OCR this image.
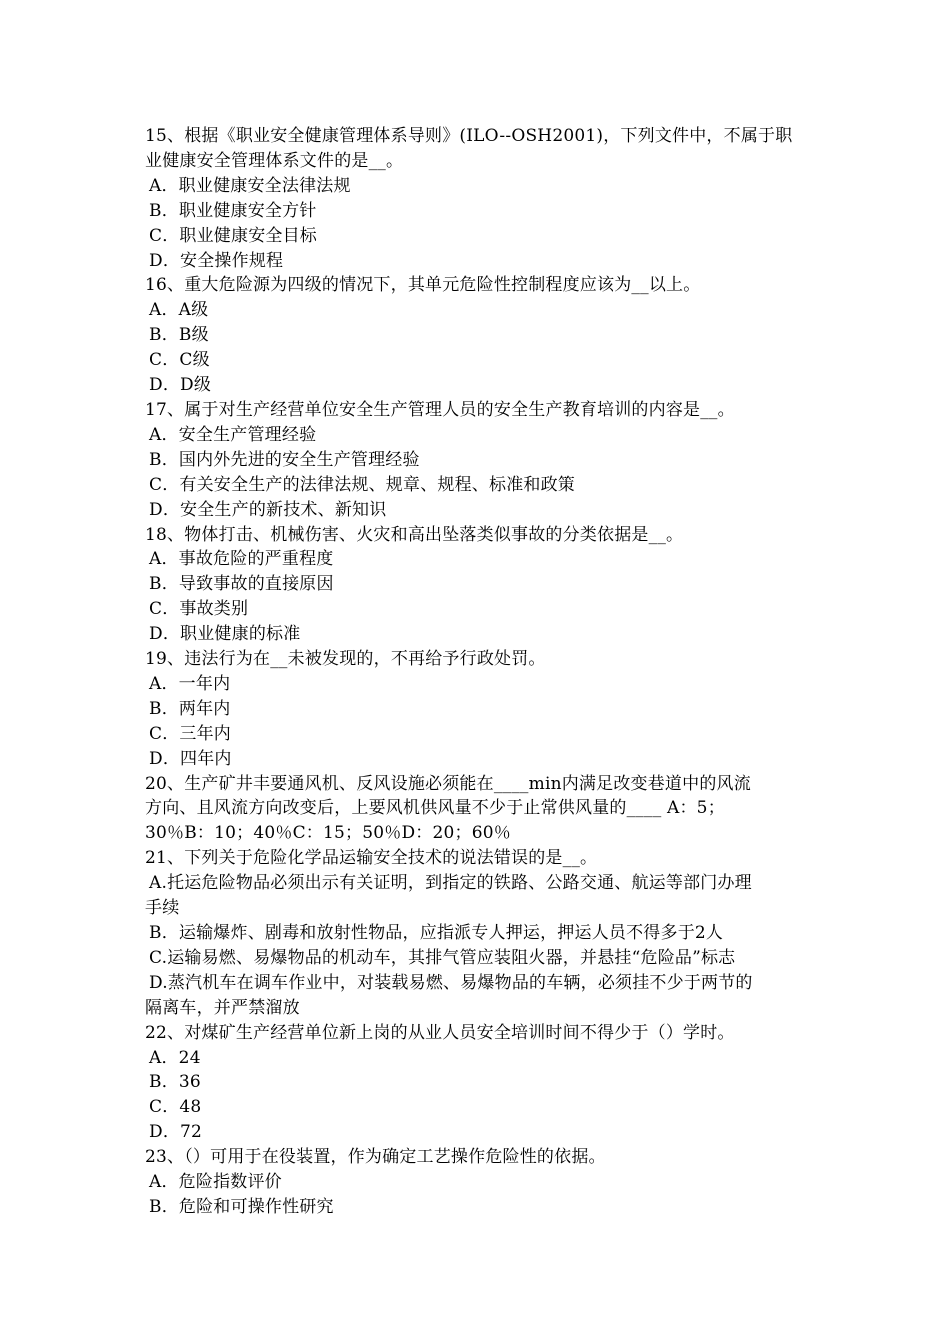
15、根据《职业安全健康管理体系导则》(ILO--OSH2001)，下列文件中，不属于职
业健康安全管理体系文件的是__。
A．职业健康安全法律法规
B．职业健康安全方针
C．职业健康安全目标
D．安全操作规程
16、重大危险源为四级的情况下，其单元危险性控制程度应该为__以上。
A．A级
B．B级
C．C级
D．D级
17、属于对生产经营单位安全生产管理人员的安全生产教育培训的内容是__。
A．安全生产管理经验
B．国内外先进的安全生产管理经验
C．有关安全生产的法律法规、规章、规程、标准和政策
D．安全生产的新技术、新知识
18、物体打击、机械伤害、火灾和高出坠落类似事故的分类依据是__。
A．事故危险的严重程度
B．导致事故的直接原因
C．事故类别
D．职业健康的标准
19、违法行为在__未被发现的，不再给予行政处罚。
A．一年内
B．两年内
C．三年内
D．四年内
20、生产矿井丰要通风机、反风设施必须能在____min内满足改变巷道中的风流
方向、且风流方向改变后，上要风机供风量不少于止常供风量的____ A：5；
30％B：10；40％C：15；50％D：20；60％
21、下列关于危险化学品运输安全技术的说法错误的是__。
A.托运危险物品必须出示有关证明，到指定的铁路、公路交通、航运等部门办理
手续
B．运输爆炸、剧毒和放射性物品，应指派专人押运，押运人员不得多于2人
C.运输易燃、易爆物品的机动车，其排气管应装阻火器，并悬挂“危险品”标志
D.蒸汽机车在调车作业中，对装载易燃、易爆物品的车辆，必须挂不少于两节的
隔离车，并严禁溜放
22、对煤矿生产经营单位新上岗的从业人员安全培训时间不得少于（）学时。
A．24
B．36
C．48
D．72
23、（）可用于在役装置，作为确定工艺操作危险性的依据。
A．危险指数评价
B．危险和可操作性研究
